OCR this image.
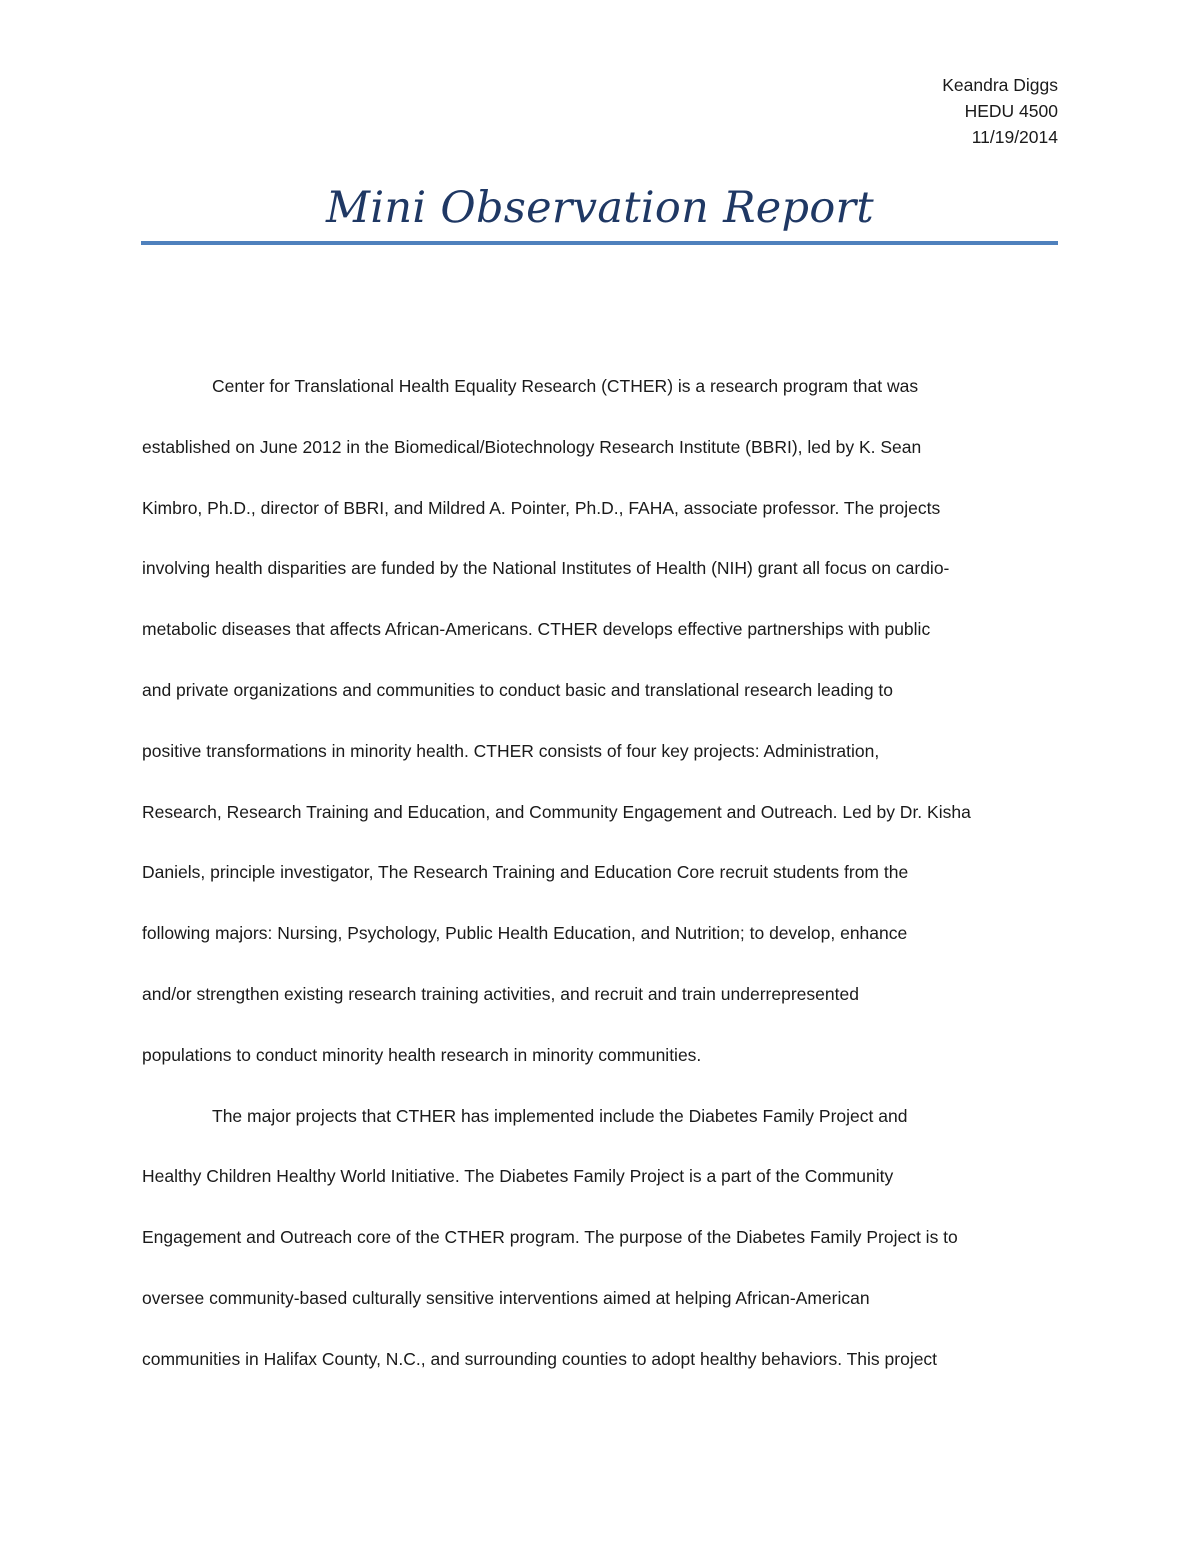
Keandra Diggs
HEDU 4500
11/19/2014
Mini Observation Report
Center for Translational Health Equality Research (CTHER) is a research program that was
established on June 2012 in the Biomedical/Biotechnology Research Institute (BBRI), led by K. Sean
Kimbro, Ph.D., director of BBRI, and Mildred A. Pointer, Ph.D., FAHA, associate professor. The projects
involving health disparities are funded by the National Institutes of Health (NIH) grant all focus on cardio-
metabolic diseases that affects African-Americans. CTHER develops effective partnerships with public
and private organizations and communities to conduct basic and translational research leading to
positive transformations in minority health. CTHER consists of four key projects: Administration,
Research, Research Training and Education, and Community Engagement and Outreach. Led by Dr. Kisha
Daniels, principle investigator, The Research Training and Education Core recruit students from the
following majors: Nursing, Psychology, Public Health Education, and Nutrition; to develop, enhance
and/or strengthen existing research training activities, and recruit and train underrepresented
populations to conduct minority health research in minority communities.
The major projects that CTHER has implemented include the Diabetes Family Project and
Healthy Children Healthy World Initiative. The Diabetes Family Project is a part of the Community
Engagement and Outreach core of the CTHER program. The purpose of the Diabetes Family Project is to
oversee community-based culturally sensitive interventions aimed at helping African-American
communities in Halifax County, N.C., and surrounding counties to adopt healthy behaviors. This project
